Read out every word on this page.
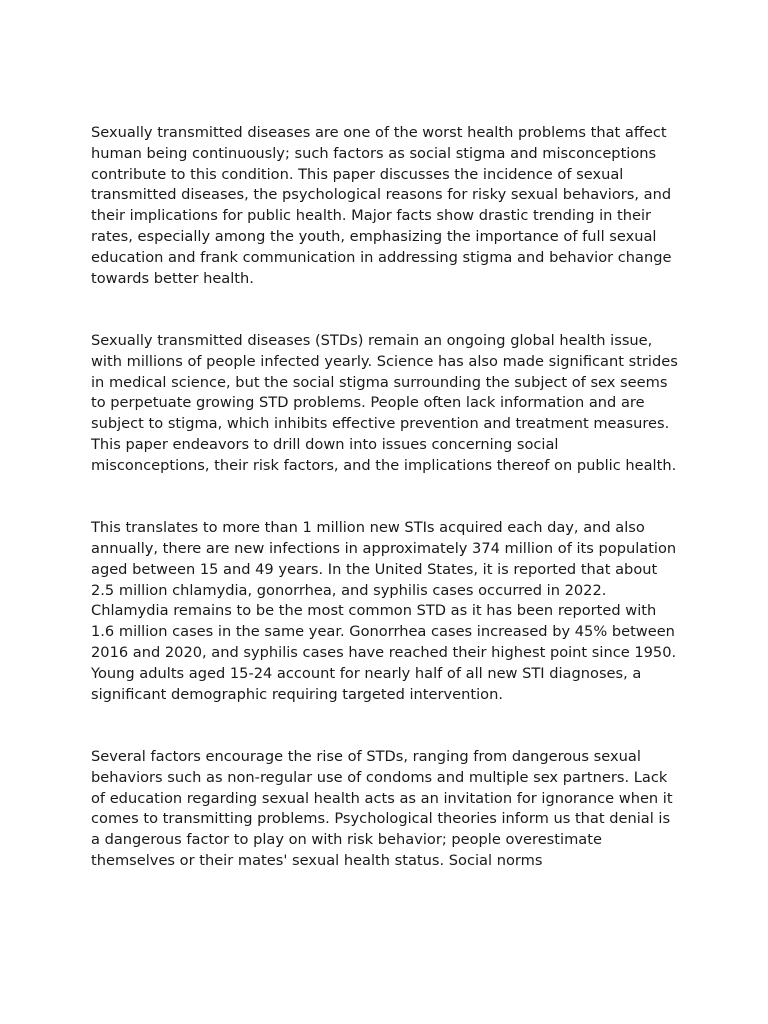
Sexually transmitted diseases are one of the worst health problems that affect human being continuously; such factors as social stigma and misconceptions contribute to this condition. This paper discusses the incidence of sexual transmitted diseases, the psychological reasons for risky sexual behaviors, and their implications for public health. Major facts show drastic trending in their rates, especially among the youth, emphasizing the importance of full sexual education and frank communication in addressing stigma and behavior change towards better health.

Sexually transmitted diseases (STDs) remain an ongoing global health issue, with millions of people infected yearly. Science has also made significant strides in medical science, but the social stigma surrounding the subject of sex seems to perpetuate growing STD problems. People often lack information and are subject to stigma, which inhibits effective prevention and treatment measures. This paper endeavors to drill down into issues concerning social misconceptions, their risk factors, and the implications thereof on public health.

This translates to more than 1 million new STIs acquired each day, and also annually, there are new infections in approximately 374 million of its population aged between 15 and 49 years. In the United States, it is reported that about 2.5 million chlamydia, gonorrhea, and syphilis cases occurred in 2022. Chlamydia remains to be the most common STD as it has been reported with 1.6 million cases in the same year. Gonorrhea cases increased by 45% between 2016 and 2020, and syphilis cases have reached their highest point since 1950. Young adults aged 15-24 account for nearly half of all new STI diagnoses, a significant demographic requiring targeted intervention.

Several factors encourage the rise of STDs, ranging from dangerous sexual behaviors such as non-regular use of condoms and multiple sex partners. Lack of education regarding sexual health acts as an invitation for ignorance when it comes to transmitting problems. Psychological theories inform us that denial is a dangerous factor to play on with risk behavior; people overestimate themselves or their mates' sexual health status. Social norms
